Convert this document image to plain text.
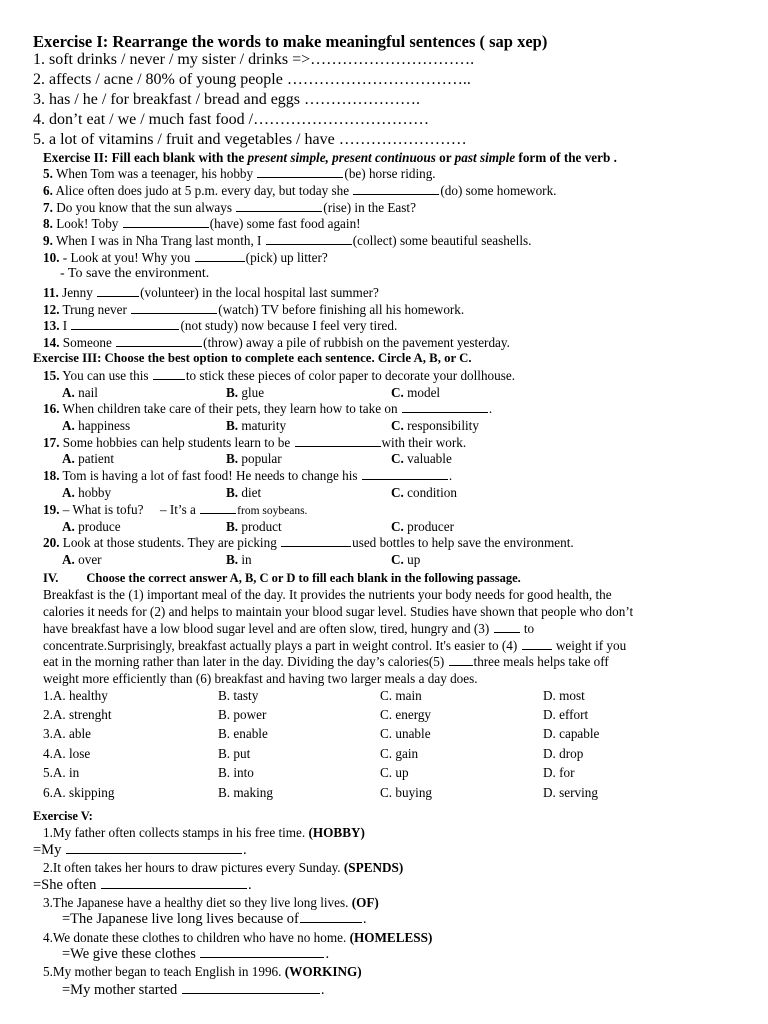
Exercise I: Rearrange the words to make meaningful sentences ( sap xep)
1. soft drinks / never / my sister / drinks =>………………………….
2. affects / acne / 80% of young people ……………………………..
3. has / he / for breakfast / bread and eggs ………………….
4. don’t eat / we / much fast food /……………………………
5. a lot of vitamins / fruit and vegetables / have ……………………
Exercise II: Fill each blank with the present simple, present continuous or past simple form of the verb .
5. When Tom was a teenager, his hobby	(be) horse riding.
6. Alice often does judo at 5 p.m. every day, but today she	(do) some homework.
7. Do you know that the sun always	(rise) in the East?
8. Look! Toby	(have) some fast food again!
9. When I was in Nha Trang last month, I	(collect) some beautiful seashells.
10. - Look at you! Why you	(pick) up litter?
- To save the environment.
11. Jenny	(volunteer) in the local hospital last summer?
12. Trung never	(watch) TV before finishing all his homework.
13. I	(not study) now because I feel very tired.
14. Someone	(throw) away a pile of rubbish on the pavement yesterday.
Exercise III: Choose the best option to complete each sentence. Circle A, B, or C.
15. You can use this	to stick these pieces of color paper to decorate your dollhouse.
A. nail	B. glue	C. model
16. When children take care of their pets, they learn how to take on	.
A. happiness	B. maturity	C. responsibility
17. Some hobbies can help students learn to be	with their work.
A. patient	B. popular	C. valuable
18. Tom is having a lot of fast food! He needs to change his	.
A. hobby	B. diet	C. condition
19. – What is tofu?     – It’s a	from soybeans.
A. produce	B. product	C. producer
20. Look at those students. They are picking	used bottles to help save the environment.
A. over	B. in	C. up
IV. Choose the correct answer A, B, C or D to fill each blank in the following passage.
Breakfast is the (1) important meal of the day. It provides the nutrients your body needs for good health, the
calories it needs for (2) and helps to maintain your blood sugar level. Studies have shown that people who don’t
have breakfast have a low blood sugar level and are often slow, tired, hungry and (3)  to
concentrate.Surprisingly, breakfast actually plays a part in weight control. It's easier to (4)  weight if you
eat in the morning rather than later in the day. Dividing the day’s calories(5) three meals helps take off
weight more efficiently than (6) breakfast and having two larger meals a day does.
1.A. healthy	B. tasty	C. main	D. most
2.A. strenght	B. power	C. energy	D. effort
3.A. able	B. enable	C. unable	D. capable
4.A. lose	B. put	C. gain	D. drop
5.A. in	B. into	C. up	D. for
6.A. skipping	B. making	C. buying	D. serving
Exercise V:
1.My father often collects stamps in his free time. (HOBBY)
=My	.
2.It often takes her hours to draw pictures every Sunday. (SPENDS)
=She often	.
3.The Japanese have a healthy diet so they live long lives. (OF)
=The Japanese live long lives because of	.
4.We donate these clothes to children who have no home. (HOMELESS)
=We give these clothes	.
5.My mother began to teach English in 1996. (WORKING)
=My mother started	.
